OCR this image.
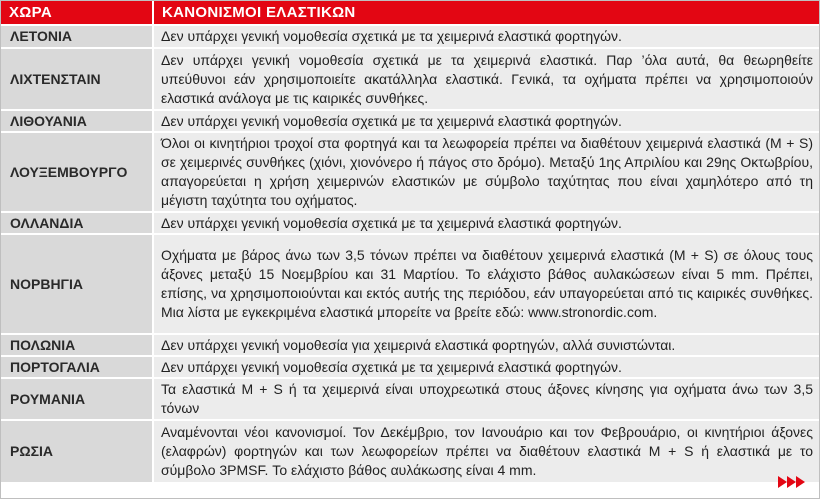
ΧΩΡΑ	ΚΑΝΟΝΙΣΜΟΙ ΕΛΑΣΤΙΚΩΝ
ΛΕΤΟΝΙΑ	Δεν υπάρχει γενική νομοθεσία σχετικά με τα χειμερινά ελαστικά φορτηγών.
ΛΙΧΤΕΝΣΤΑΙΝ	Δεν υπάρχει γενική νομοθεσία σχετικά με τα χειμερινά ελαστικά. Παρ ’όλα αυτά, θα θεωρηθείτε υπεύθυνοι εάν χρησιμοποιείτε ακατάλληλα ελαστικά. Γενικά, τα οχήματα πρέπει να χρησιμοποιούν ελαστικά ανάλογα με τις καιρικές συνθήκες.
ΛΙΘΟΥΑΝΙΑ	Δεν υπάρχει γενική νομοθεσία σχετικά με τα χειμερινά ελαστικά φορτηγών.
ΛΟΥΞΕΜΒΟΥΡΓΟ	Όλοι οι κινητήριοι τροχοί στα φορτηγά και τα λεωφορεία πρέπει να διαθέτουν χειμερινά ελαστικά (M + S) σε χειμερινές συνθήκες (χιόνι, χιονόνερο ή πάγος στο δρόμο). Μεταξύ 1ης Απριλίου και 29ης Οκτωβρίου, απαγορεύεται η χρήση χειμερινών ελαστικών με σύμβολο ταχύτητας που είναι χαμηλότερο από τη μέγιστη ταχύτητα του οχήματος.
ΟΛΛΑΝΔΙΑ	Δεν υπάρχει γενική νομοθεσία σχετικά με τα χειμερινά ελαστικά φορτηγών.
ΝΟΡΒΗΓΙΑ	Οχήματα με βάρος άνω των 3,5 τόνων πρέπει να διαθέτουν χειμερινά ελαστικά (M + S) σε όλους τους άξονες μεταξύ 15 Νοεμβρίου και 31 Μαρτίου. Το ελάχιστο βάθος αυλακώσεων είναι 5 mm. Πρέπει, επίσης, να χρησιμοποιούνται και εκτός αυτής της περιόδου, εάν υπαγορεύεται από τις καιρικές συνθήκες. Μια λίστα με εγκεκριμένα ελαστικά μπορείτε να βρείτε εδώ: www.stronordic.com.
ΠΟΛΩΝΙΑ	Δεν υπάρχει γενική νομοθεσία για χειμερινά ελαστικά φορτηγών, αλλά συνιστώνται.
ΠΟΡΤΟΓΑΛΙΑ	Δεν υπάρχει γενική νομοθεσία σχετικά με τα χειμερινά ελαστικά φορτηγών.
ΡΟΥΜΑΝΙΑ	Τα ελαστικά M + S ή τα χειμερινά είναι υποχρεωτικά στους άξονες κίνησης για οχήματα άνω των 3,5 τόνων
ΡΩΣΙΑ	Αναμένονται νέοι κανονισμοί. Τον Δεκέμβριο, τον Ιανουάριο και τον Φεβρουάριο, οι κινητήριοι άξονες (ελαφρών) φορτηγών και των λεωφορείων πρέπει να διαθέτουν ελαστικά M + S ή ελαστικά με το σύμβολο 3PMSF. Το ελάχιστο βάθος αυλάκωσης είναι 4 mm.
